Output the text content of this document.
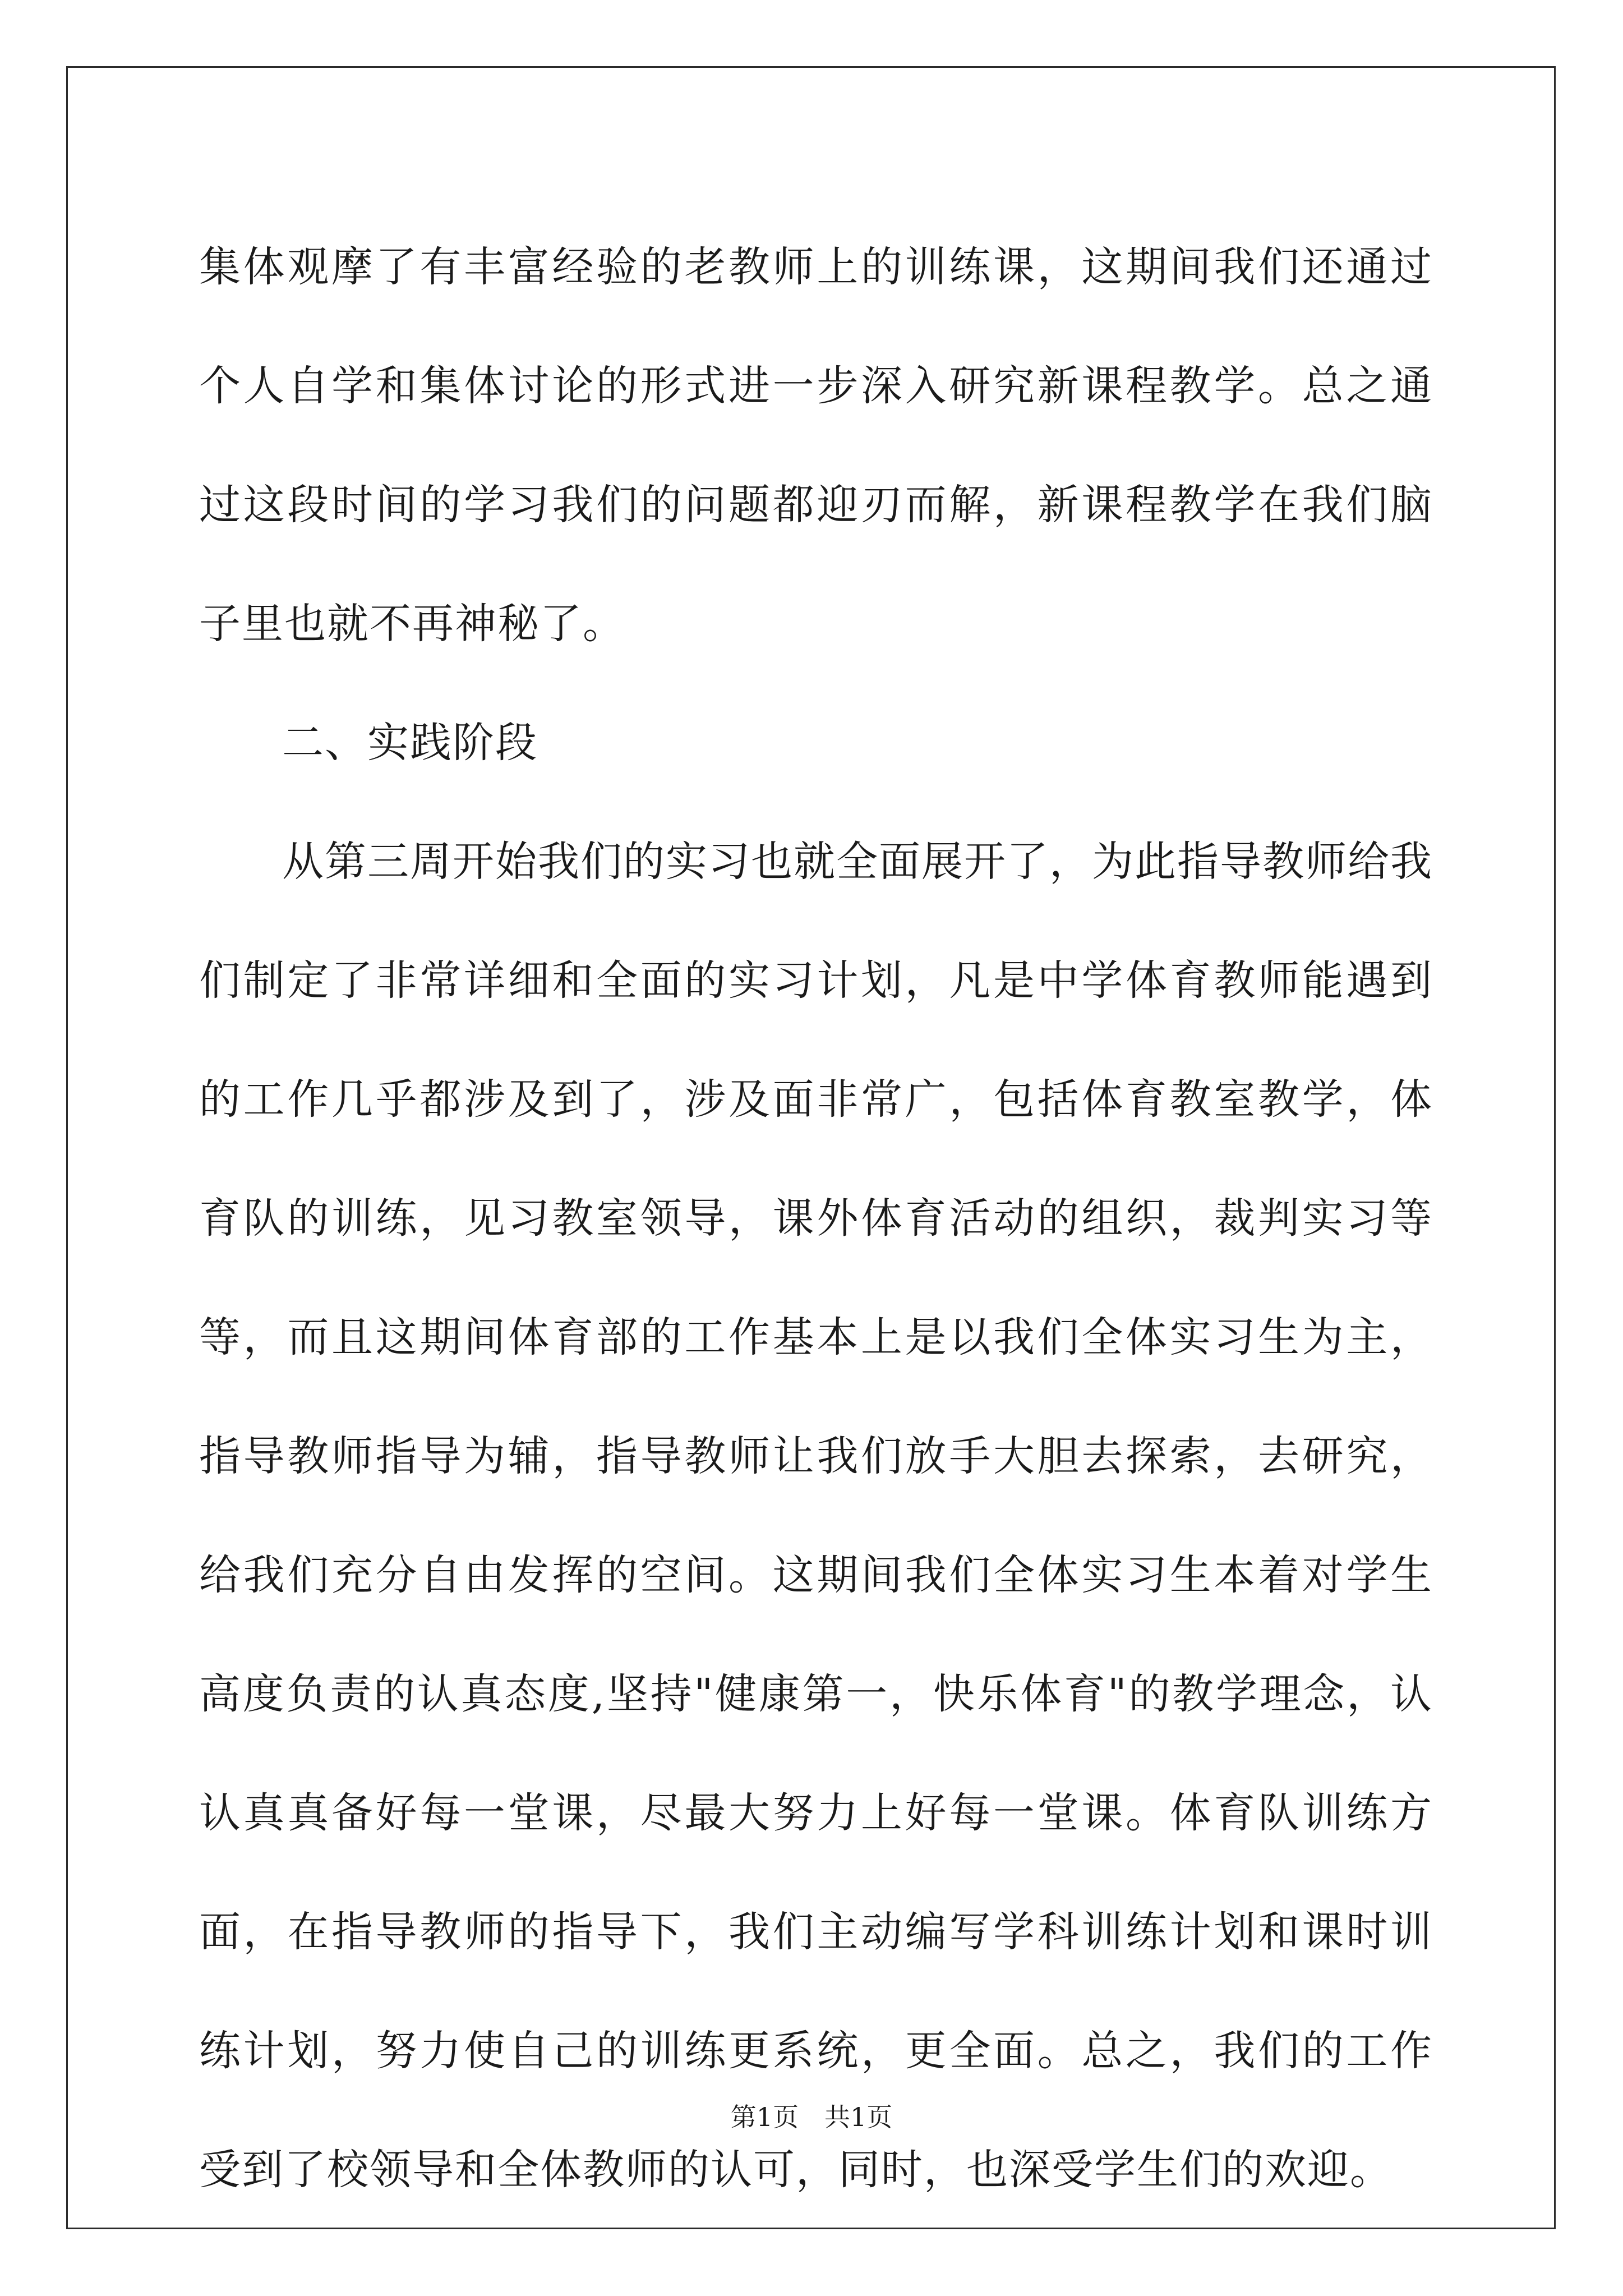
集体观摩了有丰富经验的老教师上的训练课，这期间我们还通过个人自学和集体讨论的形式进一步深入研究新课程教学。总之通过这段时间的学习我们的问题都迎刃而解，新课程教学在我们脑子里也就不再神秘了。

二、实践阶段

从第三周开始我们的实习也就全面展开了，为此指导教师给我们制定了非常详细和全面的实习计划，凡是中学体育教师能遇到的工作几乎都涉及到了，涉及面非常广，包括体育教室教学，体育队的训练，见习教室领导，课外体育活动的组织，裁判实习等等，而且这期间体育部的工作基本上是以我们全体实习生为主，指导教师指导为辅，指导教师让我们放手大胆去探索，去研究，给我们充分自由发挥的空间。这期间我们全体实习生本着对学生高度负责的认真态度,坚持"健康第一，快乐体育"的教学理念，认认真真备好每一堂课，尽最大努力上好每一堂课。体育队训练方面，在指导教师的指导下，我们主动编写学科训练计划和课时训练计划，努力使自己的训练更系统，更全面。总之，我们的工作受到了校领导和全体教师的认可，同时，也深受学生们的欢迎。

第1页　共1页
